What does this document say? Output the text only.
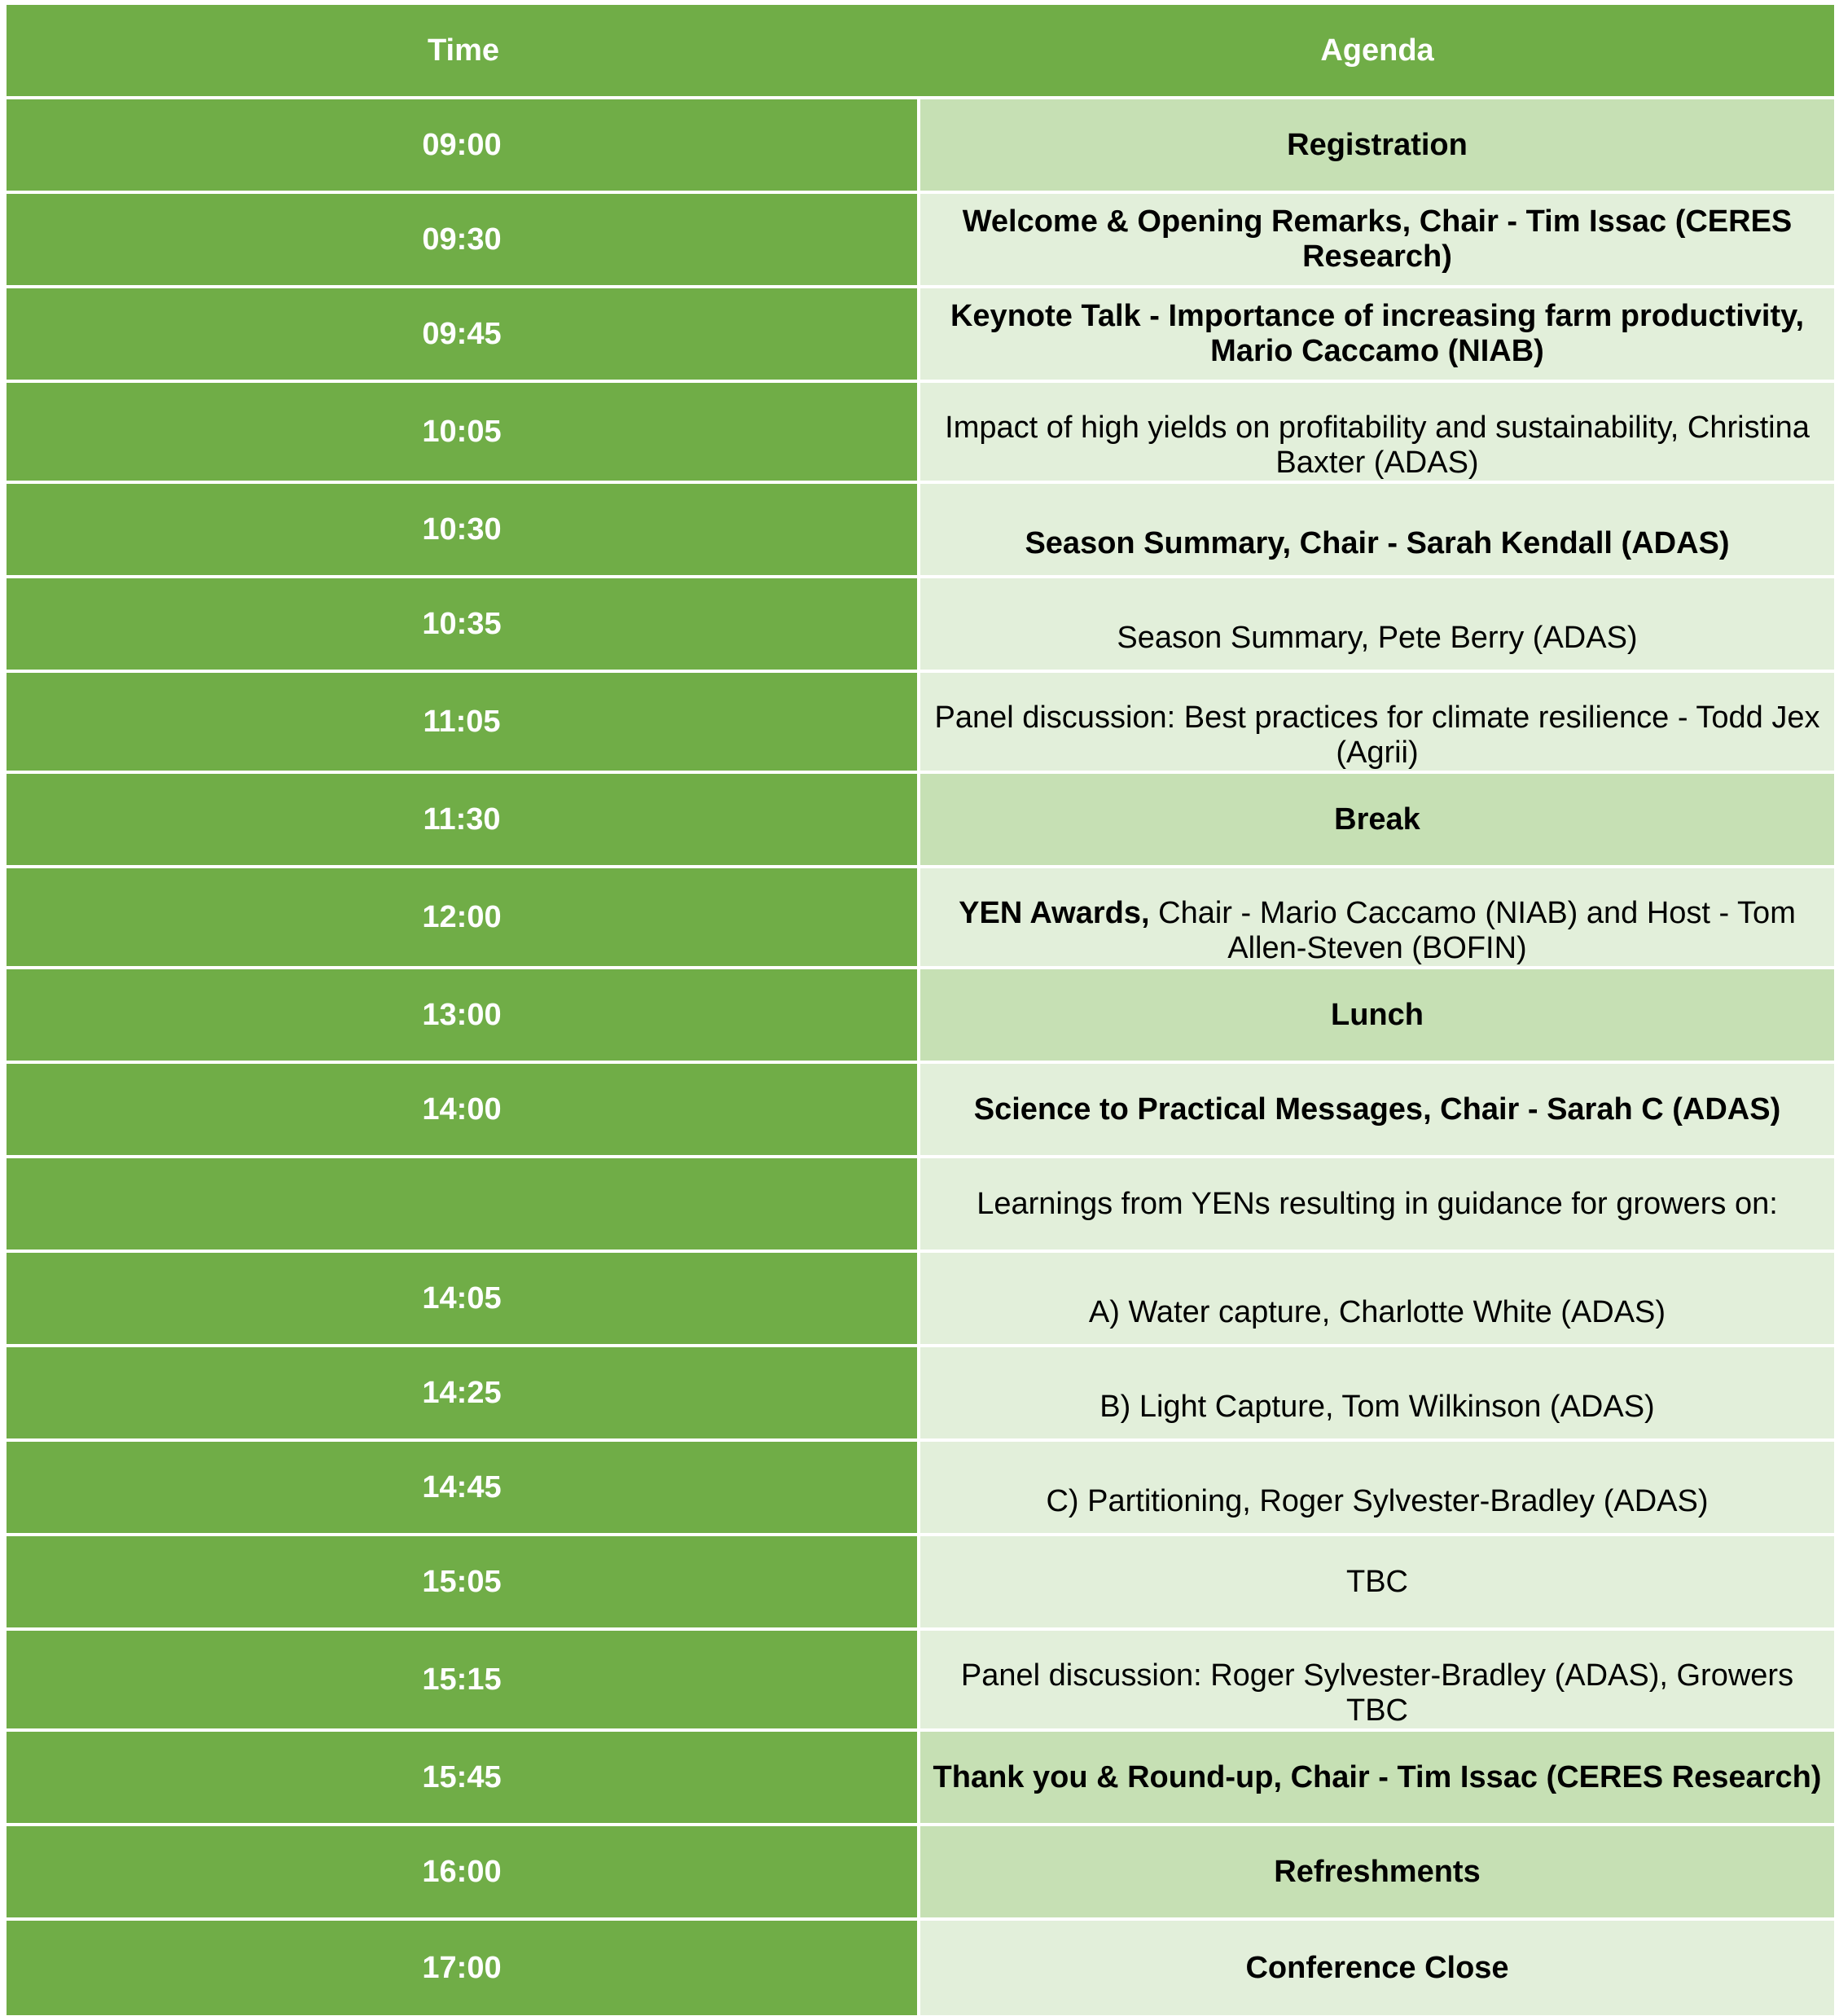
Time	Agenda
09:00	Registration
09:30	Welcome & Opening Remarks, Chair - Tim Issac (CERES Research)
09:45	Keynote Talk - Importance of increasing farm productivity, Mario Caccamo (NIAB)
10:05	Impact of high yields on profitability and sustainability, Christina Baxter (ADAS)
10:30	Season Summary, Chair - Sarah Kendall (ADAS)
10:35	Season Summary, Pete Berry (ADAS)
11:05	Panel discussion: Best practices for climate resilience - Todd Jex (Agrii)
11:30	Break
12:00	YEN Awards, Chair - Mario Caccamo (NIAB) and Host - Tom Allen-Steven (BOFIN)
13:00	Lunch
14:00	Science to Practical Messages, Chair - Sarah C (ADAS)
	Learnings from YENs resulting in guidance for growers on:
14:05	A) Water capture, Charlotte White (ADAS)
14:25	B) Light Capture, Tom Wilkinson (ADAS)
14:45	C) Partitioning, Roger Sylvester-Bradley (ADAS)
15:05	TBC
15:15	Panel discussion: Roger Sylvester-Bradley (ADAS), Growers TBC
15:45	Thank you & Round-up, Chair - Tim Issac (CERES Research)
16:00	Refreshments
17:00	Conference Close
